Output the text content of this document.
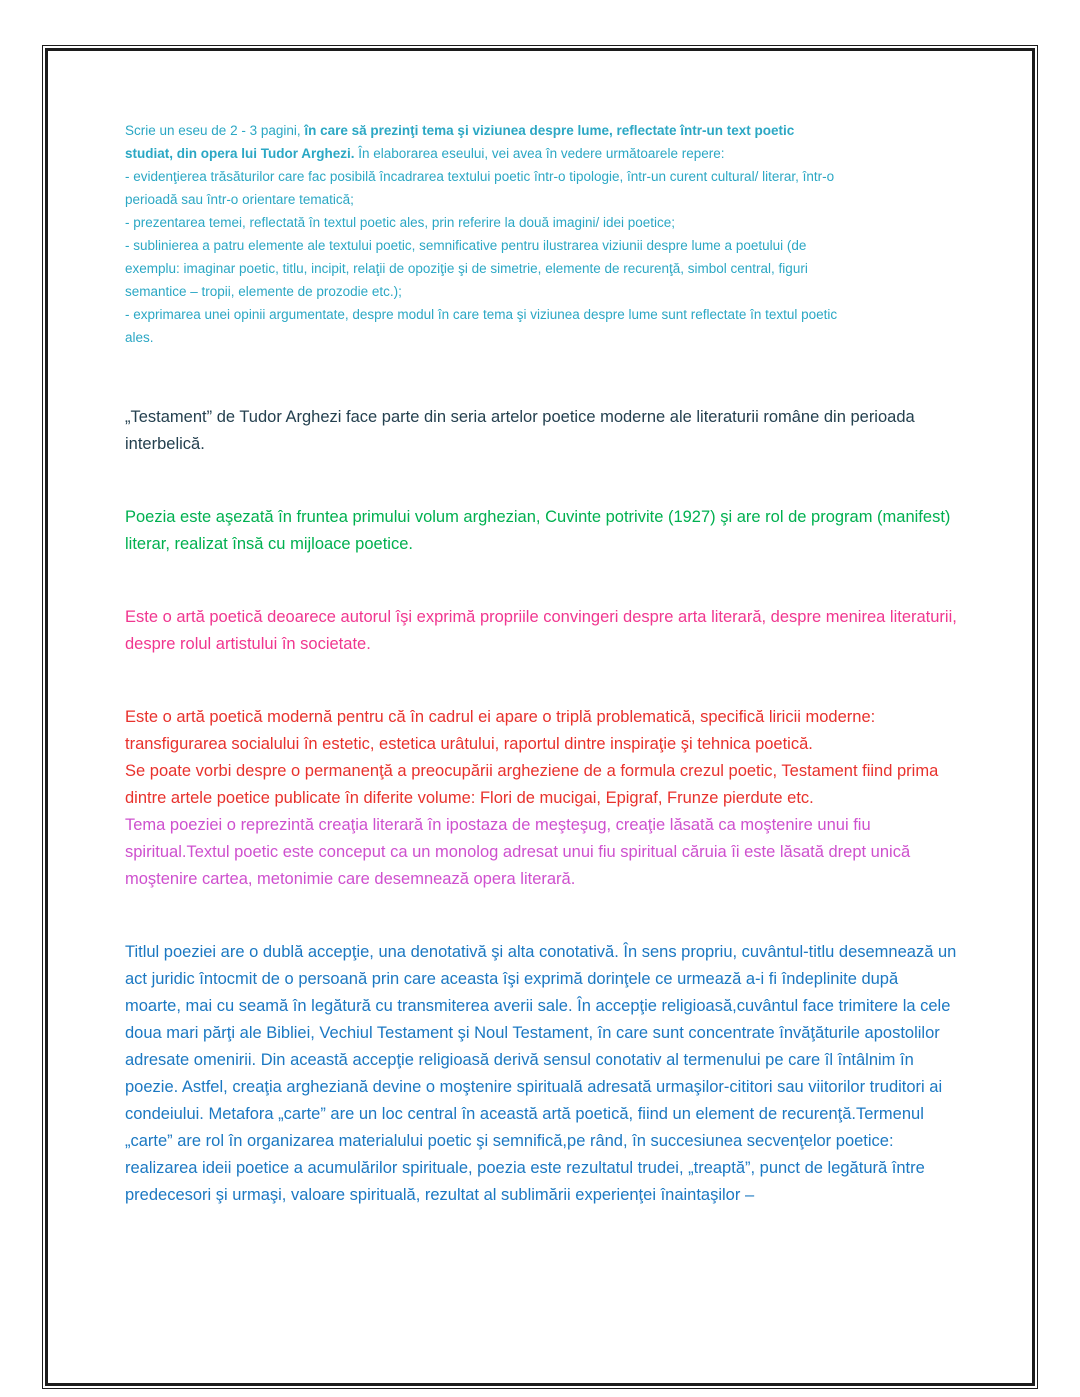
Scrie un eseu de 2 - 3 pagini, în care să prezinţi tema şi viziunea despre lume, reflectate într-un text poetic studiat, din opera lui Tudor Arghezi. În elaborarea eseului, vei avea în vedere următoarele repere:

- evidenţierea trăsăturilor care fac posibilă încadrarea textului poetic într-o tipologie, într-un curent cultural/ literar, într-o perioadă sau într-o orientare tematică;

- prezentarea temei, reflectată în textul poetic ales, prin referire la două imagini/ idei poetice;

- sublinierea a patru elemente ale textului poetic, semnificative pentru ilustrarea viziunii despre lume a poetului (de exemplu: imaginar poetic, titlu, incipit, relaţii de opoziţie şi de simetrie, elemente de recurenţă, simbol central, figuri semantice – tropii, elemente de prozodie etc.);

- exprimarea unei opinii argumentate, despre modul în care tema şi viziunea despre lume sunt reflectate în textul poetic ales.

„Testament” de Tudor Arghezi face parte din seria artelor poetice moderne ale literaturii române din perioada interbelică.

Poezia este aşezată în fruntea primului volum arghezian, Cuvinte potrivite (1927) şi are rol de program (manifest) literar, realizat însă cu mijloace poetice.

Este o artă poetică deoarece autorul îşi exprimă propriile convingeri despre arta literară, despre menirea literaturii, despre rolul artistului în societate.

Este o artă poetică modernă pentru că în cadrul ei apare o triplă problematică, specifică liricii moderne: transfigurarea socialului în estetic, estetica urâtului, raportul dintre inspiraţie şi tehnica poetică.

Se poate vorbi despre o permanenţă a preocupării argheziene de a formula crezul poetic, Testament fiind prima dintre artele poetice publicate în diferite volume: Flori de mucigai, Epigraf, Frunze pierdute etc.

Tema poeziei o reprezintă creaţia literară în ipostaza de meşteşug, creaţie lăsată ca moştenire unui fiu spiritual.Textul poetic este conceput ca un monolog adresat unui fiu spiritual căruia îi este lăsată drept unică moştenire cartea, metonimie care desemnează opera literară.

Titlul poeziei are o dublă accepţie, una denotativă şi alta conotativă. În sens propriu, cuvântul-titlu desemnează un act juridic întocmit de o persoană prin care aceasta îşi exprimă dorinţele ce urmează a-i fi îndeplinite după moarte, mai cu seamă în legătură cu transmiterea averii sale. În accepţie religioasă,cuvântul face trimitere la cele doua mari părţi ale Bibliei, Vechiul Testament şi Noul Testament, în care sunt concentrate învăţăturile apostolilor adresate omenirii. Din această accepţie religioasă derivă sensul conotativ al termenului pe care îl întâlnim în poezie. Astfel, creaţia argheziană devine o moştenire spirituală adresată urmaşilor-cititori sau viitorilor truditori ai condeiului. Metafora „carte” are un loc central în această artă poetică, fiind un element de recurenţă.Termenul „carte” are rol în organizarea materialului poetic şi semnifică,pe rând, în succesiunea secvenţelor poetice: realizarea ideii poetice a acumulărilor spirituale, poezia este rezultatul trudei, „treaptă”, punct de legătură între predecesori şi urmaşi, valoare spirituală, rezultat al sublimării experienţei înaintaşilor –
